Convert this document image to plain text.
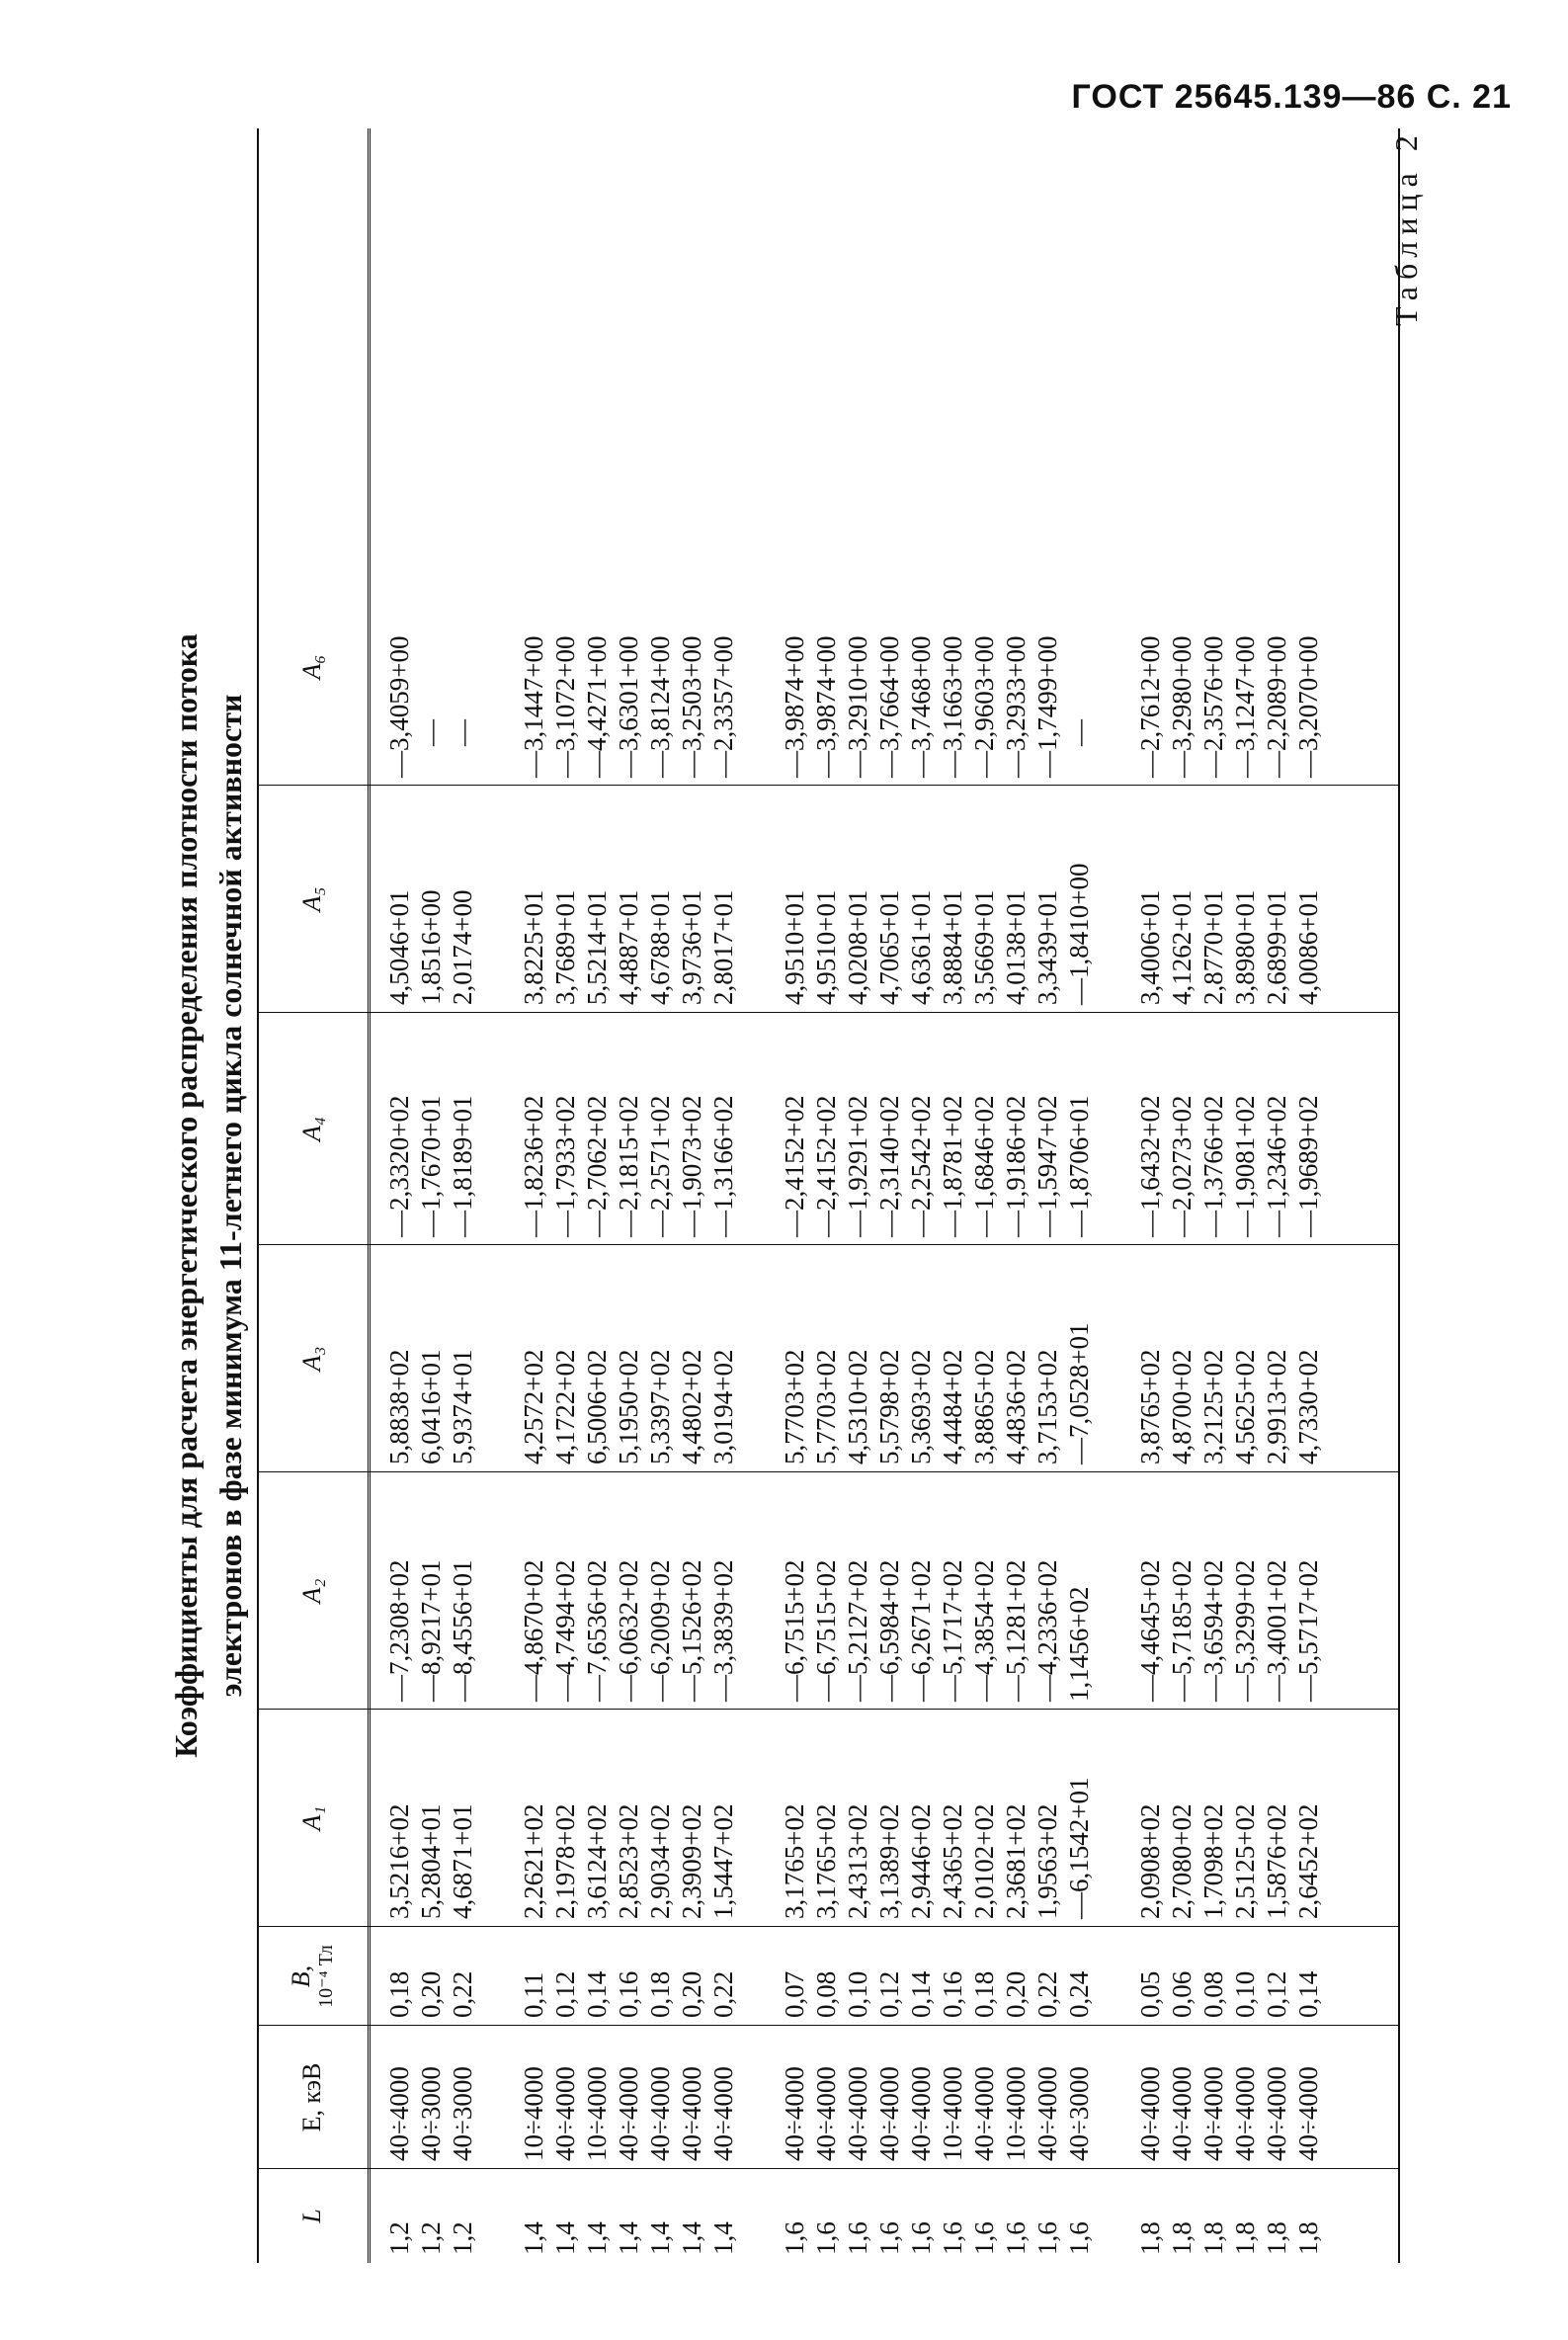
ГОСТ 25645.139—86 С. 21
Таблица 2
Коэффициенты для расчета энергетического распределения плотности потока электронов в фазе минимума 11-летнего цикла солнечной активности
L
E, кэВ
B, 10⁻⁴ Тл
A₁
A₂
A₃
A₄
A₅
A₆
1,2
40÷4000
0,18
3,5216+02
—7,2308+02
5,8838+02
—2,3320+02
4,5046+01
—3,4059+00
1,2
40÷3000
0,20
5,2804+01
—8,9217+01
6,0416+01
—1,7670+01
1,8516+00
—
1,2
40÷3000
0,22
4,6871+01
—8,4556+01
5,9374+01
—1,8189+01
2,0174+00
—
1,4
10÷4000
0,11
2,2621+02
—4,8670+02
4,2572+02
—1,8236+02
3,8225+01
—3,1447+00
1,4
40÷4000
0,12
2,1978+02
—4,7494+02
4,1722+02
—1,7933+02
3,7689+01
—3,1072+00
1,4
10÷4000
0,14
3,6124+02
—7,6536+02
6,5006+02
—2,7062+02
5,5214+01
—4,4271+00
1,4
40÷4000
0,16
2,8523+02
—6,0632+02
5,1950+02
—2,1815+02
4,4887+01
—3,6301+00
1,4
40÷4000
0,18
2,9034+02
—6,2009+02
5,3397+02
—2,2571+02
4,6788+01
—3,8124+00
1,4
40÷4000
0,20
2,3909+02
—5,1526+02
4,4802+02
—1,9073+02
3,9736+01
—3,2503+00
1,4
40÷4000
0,22
1,5447+02
—3,3839+02
3,0194+02
—1,3166+02
2,8017+01
—2,3357+00
1,6
40÷4000
0,07
3,1765+02
—6,7515+02
5,7703+02
—2,4152+02
4,9510+01
—3,9874+00
1,6
40÷4000
0,08
3,1765+02
—6,7515+02
5,7703+02
—2,4152+02
4,9510+01
—3,9874+00
1,6
40÷4000
0,10
2,4313+02
—5,2127+02
4,5310+02
—1,9291+02
4,0208+01
—3,2910+00
1,6
40÷4000
0,12
3,1389+02
—6,5984+02
5,5798+02
—2,3140+02
4,7065+01
—3,7664+00
1,6
40÷4000
0,14
2,9446+02
—6,2671+02
5,3693+02
—2,2542+02
4,6361+01
—3,7468+00
1,6
10÷4000
0,16
2,4365+02
—5,1717+02
4,4484+02
—1,8781+02
3,8884+01
—3,1663+00
1,6
40÷4000
0,18
2,0102+02
—4,3854+02
3,8865+02
—1,6846+02
3,5669+01
—2,9603+00
1,6
10÷4000
0,20
2,3681+02
—5,1281+02
4,4836+02
—1,9186+02
4,0138+01
—3,2933+00
1,6
40÷4000
0,22
1,9563+02
—4,2336+02
3,7153+02
—1,5947+02
3,3439+01
—1,7499+00
1,6
40÷3000
0,24
—6,1542+01
1,1456+02
—7,0528+01
—1,8706+01
—1,8410+00
—
1,8
40÷4000
0,05
2,0908+02
—4,4645+02
3,8765+02
—1,6432+02
3,4006+01
—2,7612+00
1,8
40÷4000
0,06
2,7080+02
—5,7185+02
4,8700+02
—2,0273+02
4,1262+01
—3,2980+00
1,8
40÷4000
0,08
1,7098+02
—3,6594+02
3,2125+02
—1,3766+02
2,8770+01
—2,3576+00
1,8
40÷4000
0,10
2,5125+02
—5,3299+02
4,5625+02
—1,9081+02
3,8980+01
—3,1247+00
1,8
40÷4000
0,12
1,5876+02
—3,4001+02
2,9913+02
—1,2346+02
2,6899+01
—2,2089+00
1,8
40÷4000
0,14
2,6452+02
—5,5717+02
4,7330+02
—1,9689+02
4,0086+01
—3,2070+00
